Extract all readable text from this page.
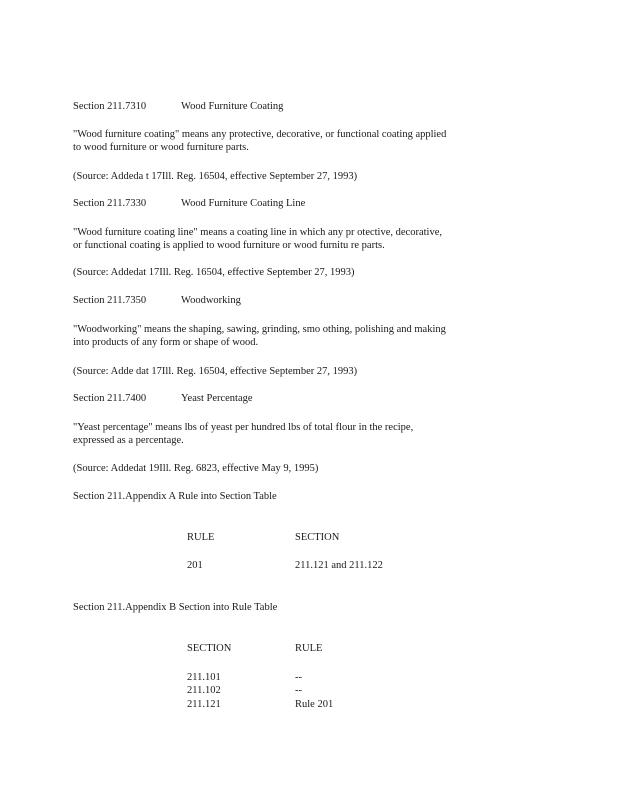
Section 211.7310	Wood Furniture Coating
"Wood furniture coating" means any protective, decorative, or functional coating applied
to wood furniture or wood furniture parts.
(Source: Addeda t 17Ill. Reg. 16504, effective September 27, 1993)
Section 211.7330	Wood Furniture Coating Line
"Wood furniture coating line" means a coating line in which any pr otective, decorative,
or functional coating is applied to wood furniture or wood furnitu re parts.
(Source: Addedat 17Ill. Reg. 16504, effective September 27, 1993)
Section 211.7350	Woodworking
"Woodworking" means the shaping, sawing, grinding, smo othing, polishing and making
into products of any form or shape of wood.
(Source: Adde dat 17Ill. Reg. 16504, effective September 27, 1993)
Section 211.7400	Yeast Percentage
"Yeast percentage" means lbs of yeast per hundred lbs of total flour in the recipe,
expressed as a percentage.
(Source: Addedat 19Ill. Reg. 6823, effective May 9, 1995)
Section 211.Appendix A Rule into Section Table
RULE	SECTION
201	211.121 and 211.122
Section 211.Appendix B Section into Rule Table
SECTION	RULE
211.101	--
211.102	--
211.121	Rule 201
